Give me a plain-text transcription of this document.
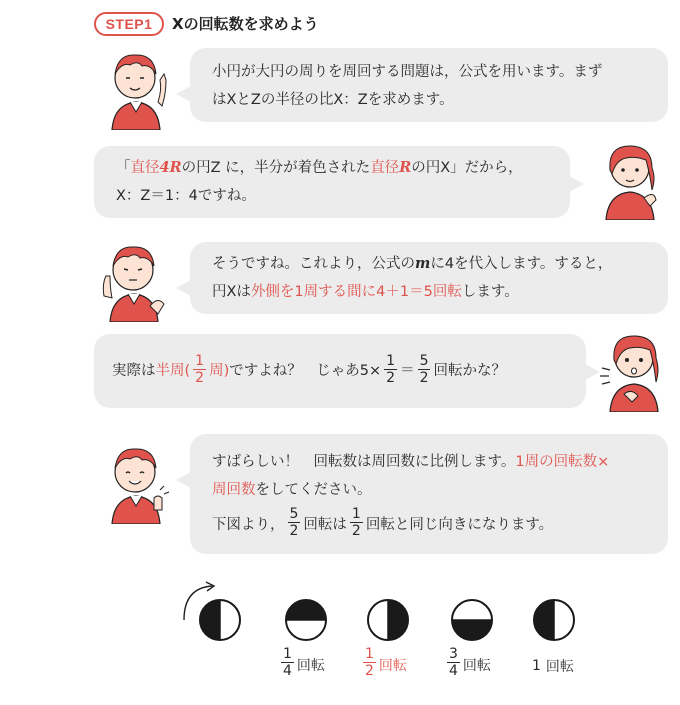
STEP1	Xの回転数を求めよう
小円が大円の周りを周回する問題は，公式を用います。まず
はXとZの半径の比X：Zを求めます。
「直径4Rの円Z に，半分が着色された直径Rの円X」だから，
X：Z＝1：4ですね。
そうですね。これより，公式のmに4を代入します。すると，
円Xは外側を1周する間に4＋1＝5回転します。
実際は 半周( $\frac{1}{2}$ 周) ですよね？　じゃあ$5\times \frac{1}{2} = \frac{5}{2}$ 回転かな？
すばらしい！　回転数は周回数に比例します。1周の回転数×
周回数をしてください。
下図より， $\frac{5}{2}$ 回転は $\frac{1}{2}$ 回転と同じ向きになります。
$\frac{1}{4}$ 回転	$\frac{1}{2}$ 回転	$\frac{3}{4}$ 回転	1 回転
